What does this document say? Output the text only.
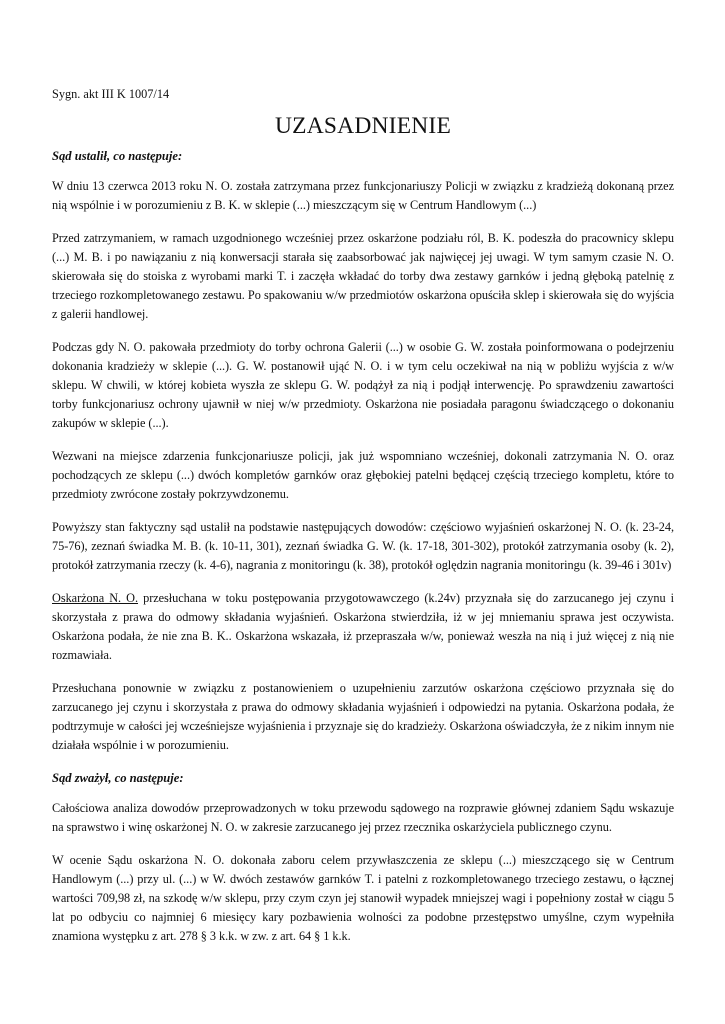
Sygn. akt III K 1007/14

UZASADNIENIE

Sąd ustalił, co następuje:

W dniu 13 czerwca 2013 roku N. O. została zatrzymana przez funkcjonariuszy Policji w związku z kradzieżą dokonaną przez nią wspólnie i w porozumieniu z B. K. w sklepie (...) mieszczącym się w Centrum Handlowym (...)

Przed zatrzymaniem, w ramach uzgodnionego wcześniej przez oskarżone podziału ról, B. K. podeszła do pracownicy sklepu (...) M. B. i po nawiązaniu z nią konwersacji starała się zaabsorbować jak najwięcej jej uwagi. W tym samym czasie N. O. skierowała się do stoiska z wyrobami marki T. i zaczęła wkładać do torby dwa zestawy garnków i jedną głęboką patelnię z trzeciego rozkompletowanego zestawu. Po spakowaniu w/w przedmiotów oskarżona opuściła sklep i skierowała się do wyjścia z galerii handlowej.

Podczas gdy N. O. pakowała przedmioty do torby ochrona Galerii (...) w osobie G. W. została poinformowana o podejrzeniu dokonania kradzieży w sklepie (...). G. W. postanowił ująć N. O. i w tym celu oczekiwał na nią w pobliżu wyjścia z w/w sklepu. W chwili, w której kobieta wyszła ze sklepu G. W. podążył za nią i podjął interwencję. Po sprawdzeniu zawartości torby funkcjonariusz ochrony ujawnił w niej w/w przedmioty. Oskarżona nie posiadała paragonu świadczącego o dokonaniu zakupów w sklepie (...).

Wezwani na miejsce zdarzenia funkcjonariusze policji, jak już wspomniano wcześniej, dokonali zatrzymania N. O. oraz pochodzących ze sklepu (...) dwóch kompletów garnków oraz głębokiej patelni będącej częścią trzeciego kompletu, które to przedmioty zwrócone zostały pokrzywdzonemu.

Powyższy stan faktyczny sąd ustalił na podstawie następujących dowodów: częściowo wyjaśnień oskarżonej N. O. (k. 23-24, 75-76), zeznań świadka M. B. (k. 10-11, 301), zeznań świadka G. W. (k. 17-18, 301-302), protokół zatrzymania osoby (k. 2), protokół zatrzymania rzeczy (k. 4-6), nagrania z monitoringu (k. 38), protokół oględzin nagrania monitoringu (k. 39-46 i 301v)

Oskarżona N. O. przesłuchana w toku postępowania przygotowawczego (k.24v) przyznała się do zarzucanego jej czynu i skorzystała z prawa do odmowy składania wyjaśnień. Oskarżona stwierdziła, iż w jej mniemaniu sprawa jest oczywista. Oskarżona podała, że nie zna B. K.. Oskarżona wskazała, iż przepraszała w/w, ponieważ weszła na nią i już więcej z nią nie rozmawiała.

Przesłuchana ponownie w związku z postanowieniem o uzupełnieniu zarzutów oskarżona częściowo przyznała się do zarzucanego jej czynu i skorzystała z prawa do odmowy składania wyjaśnień i odpowiedzi na pytania. Oskarżona podała, że podtrzymuje w całości jej wcześniejsze wyjaśnienia i przyznaje się do kradzieży. Oskarżona oświadczyła, że z nikim innym nie działała wspólnie i w porozumieniu.

Sąd zważył, co następuje:

Całościowa analiza dowodów przeprowadzonych w toku przewodu sądowego na rozprawie głównej zdaniem Sądu wskazuje na sprawstwo i winę oskarżonej N. O. w zakresie zarzucanego jej przez rzecznika oskarżyciela publicznego czynu.

W ocenie Sądu oskarżona N. O. dokonała zaboru celem przywłaszczenia ze sklepu (...) mieszczącego się w Centrum Handlowym (...) przy ul. (...) w W. dwóch zestawów garnków T. i patelni z rozkompletowanego trzeciego zestawu, o łącznej wartości 709,98 zł, na szkodę w/w sklepu, przy czym czyn jej stanowił wypadek mniejszej wagi i popełniony został w ciągu 5 lat po odbyciu co najmniej 6 miesięcy kary pozbawienia wolności za podobne przestępstwo umyślne, czym wypełniła znamiona występku z art. 278 § 3 k.k. w zw. z art. 64 § 1 k.k.
